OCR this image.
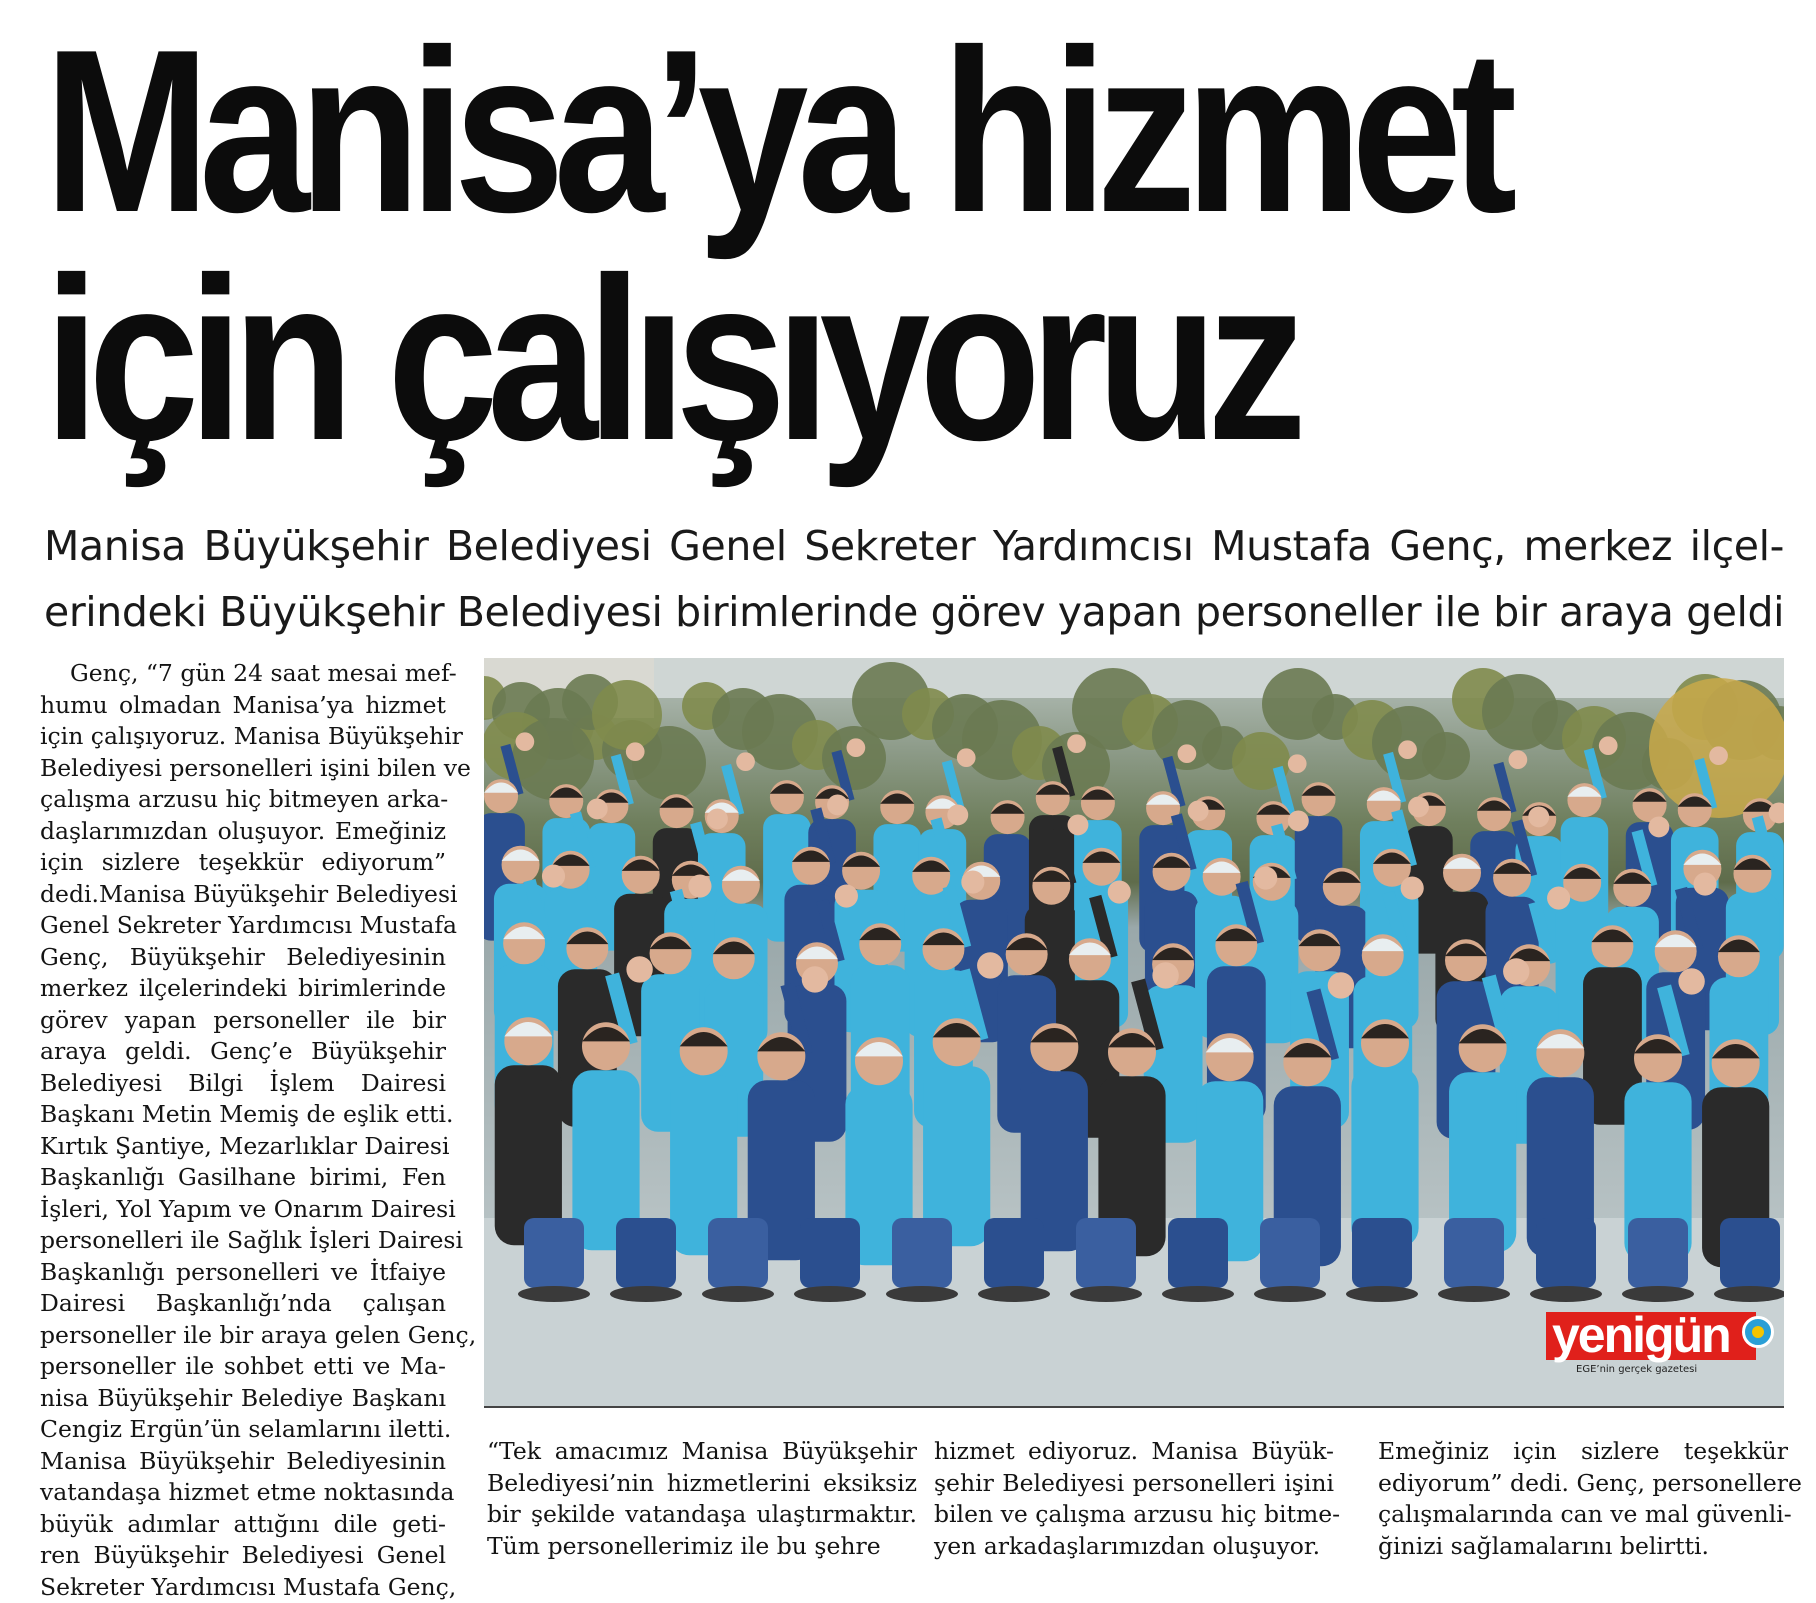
Manisa’ya hizmet
için çalışıyoruz
Manisa Büyükşehir Belediyesi Genel Sekreter Yardımcısı Mustafa Genç, merkez ilçel-
erindeki Büyükşehir Belediyesi birimlerinde görev yapan personeller ile bir araya geldi
Genç, “7 gün 24 saat mesai mef-
humu olmadan Manisa’ya hizmet
için çalışıyoruz. Manisa Büyükşehir
Belediyesi personelleri işini bilen ve
çalışma arzusu hiç bitmeyen arka-
daşlarımızdan oluşuyor. Emeğiniz
için sizlere teşekkür ediyorum”
dedi.Manisa Büyükşehir Belediyesi
Genel Sekreter Yardımcısı Mustafa
Genç, Büyükşehir Belediyesinin
merkez ilçelerindeki birimlerinde
görev yapan personeller ile bir
araya geldi. Genç’e Büyükşehir
Belediyesi Bilgi İşlem Dairesi
Başkanı Metin Memiş de eşlik etti.
Kırtık Şantiye, Mezarlıklar Dairesi
Başkanlığı Gasilhane birimi, Fen
İşleri, Yol Yapım ve Onarım Dairesi
personelleri ile Sağlık İşleri Dairesi
Başkanlığı personelleri ve İtfaiye
Dairesi Başkanlığı’nda çalışan
personeller ile bir araya gelen Genç,
personeller ile sohbet etti ve Ma-
nisa Büyükşehir Belediye Başkanı
Cengiz Ergün’ün selamlarını iletti.
Manisa Büyükşehir Belediyesinin
vatandaşa hizmet etme noktasında
büyük adımlar attığını dile geti-
ren Büyükşehir Belediyesi Genel
Sekreter Yardımcısı Mustafa Genç,
yenigün
EGE’nin gerçek gazetesi
“Tek amacımız Manisa Büyükşehir
Belediyesi’nin hizmetlerini eksiksiz
bir şekilde vatandaşa ulaştırmaktır.
Tüm personellerimiz ile bu şehre
hizmet ediyoruz. Manisa Büyük-
şehir Belediyesi personelleri işini
bilen ve çalışma arzusu hiç bitme-
yen arkadaşlarımızdan oluşuyor.
Emeğiniz için sizlere teşekkür
ediyorum” dedi. Genç, personellere
çalışmalarında can ve mal güvenli-
ğinizi sağlamalarını belirtti.
